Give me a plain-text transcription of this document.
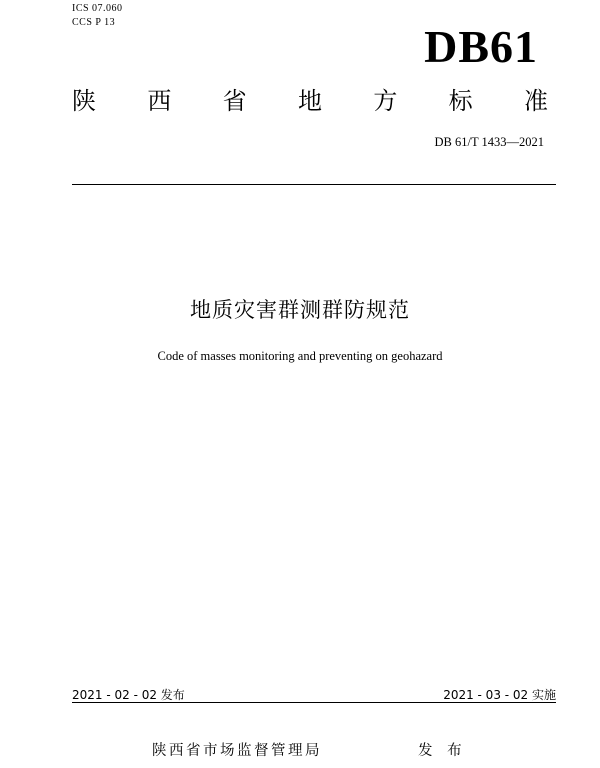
ICS 07.060
CCS P 13	DB61
陕 西 省 地 方 标 准
DB 61/T 1433—2021
地质灾害群测群防规范
Code of masses monitoring and preventing on geohazard
2021 - 02 - 02 发布	2021 - 03 - 02 实施
陕西省市场监督管理局	发 布
